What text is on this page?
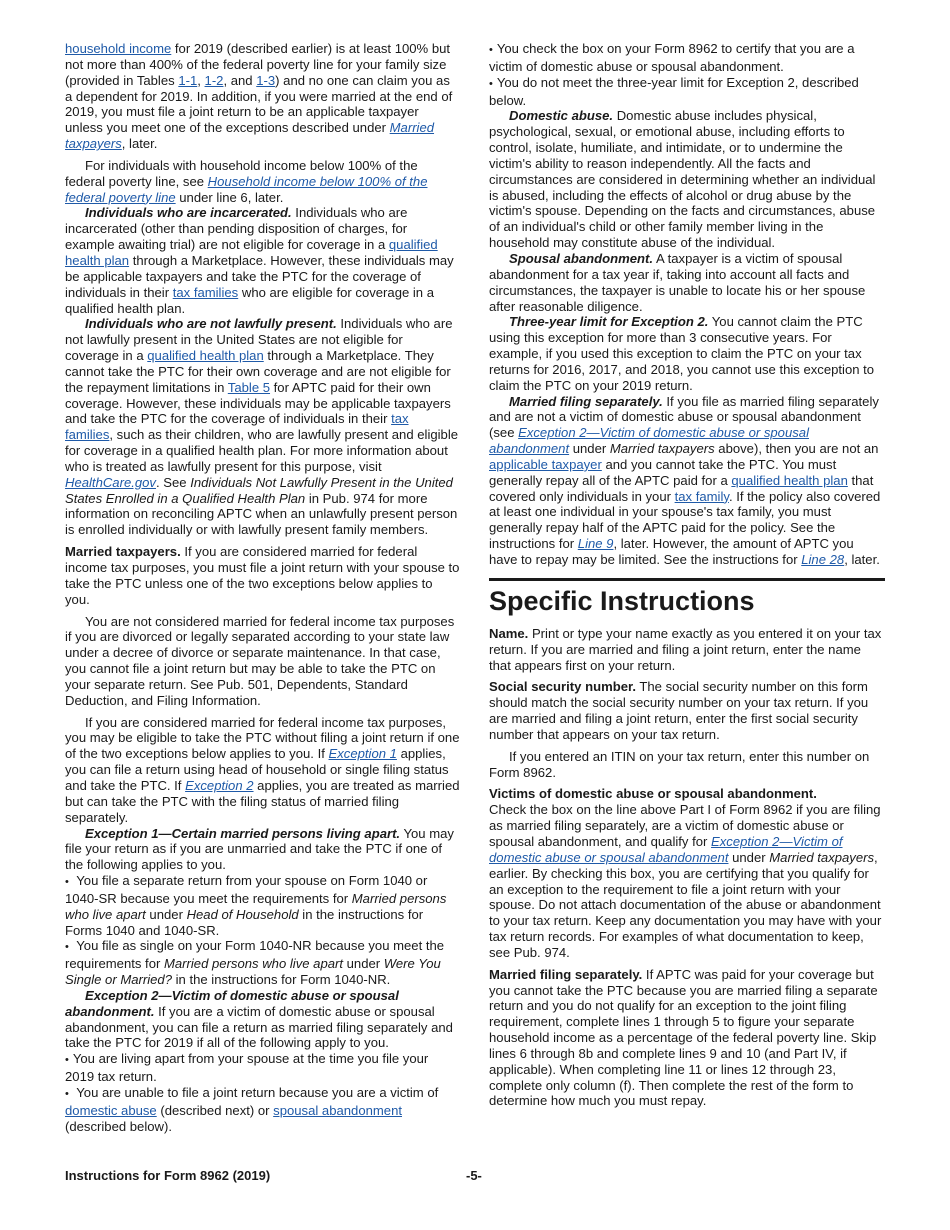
household income for 2019 (described earlier) is at least 100% but not more than 400% of the federal poverty line for your family size (provided in Tables 1-1, 1-2, and 1-3) and no one can claim you as a dependent for 2019. In addition, if you were married at the end of 2019, you must file a joint return to be an applicable taxpayer unless you meet one of the exceptions described under Married taxpayers, later.

For individuals with household income below 100% of the federal poverty line, see Household income below 100% of the federal poverty line under line 6, later.

Individuals who are incarcerated. Individuals who are incarcerated (other than pending disposition of charges, for example awaiting trial) are not eligible for coverage in a qualified health plan through a Marketplace. However, these individuals may be applicable taxpayers and take the PTC for the coverage of individuals in their tax families who are eligible for coverage in a qualified health plan.

Individuals who are not lawfully present. Individuals who are not lawfully present in the United States are not eligible for coverage in a qualified health plan through a Marketplace. They cannot take the PTC for their own coverage and are not eligible for the repayment limitations in Table 5 for APTC paid for their own coverage. However, these individuals may be applicable taxpayers and take the PTC for the coverage of individuals in their tax families, such as their children, who are lawfully present and eligible for coverage in a qualified health plan. For more information about who is treated as lawfully present for this purpose, visit HealthCare.gov. See Individuals Not Lawfully Present in the United States Enrolled in a Qualified Health Plan in Pub. 974 for more information on reconciling APTC when an unlawfully present person is enrolled individually or with lawfully present family members.

Married taxpayers. If you are considered married for federal income tax purposes, you must file a joint return with your spouse to take the PTC unless one of the two exceptions below applies to you.

You are not considered married for federal income tax purposes if you are divorced or legally separated according to your state law under a decree of divorce or separate maintenance. In that case, you cannot file a joint return but may be able to take the PTC on your separate return. See Pub. 501, Dependents, Standard Deduction, and Filing Information.

If you are considered married for federal income tax purposes, you may be eligible to take the PTC without filing a joint return if one of the two exceptions below applies to you. If Exception 1 applies, you can file a return using head of household or single filing status and take the PTC. If Exception 2 applies, you are treated as married but can take the PTC with the filing status of married filing separately.

Exception 1—Certain married persons living apart. You may file your return as if you are unmarried and take the PTC if one of the following applies to you.

• You file a separate return from your spouse on Form 1040 or 1040-SR because you meet the requirements for Married persons who live apart under Head of Household in the instructions for Forms 1040 and 1040-SR.

• You file as single on your Form 1040-NR because you meet the requirements for Married persons who live apart under Were You Single or Married? in the instructions for Form 1040-NR.

Exception 2—Victim of domestic abuse or spousal abandonment. If you are a victim of domestic abuse or spousal abandonment, you can file a return as married filing separately and take the PTC for 2019 if all of the following apply to you.

• You are living apart from your spouse at the time you file your 2019 tax return.

• You are unable to file a joint return because you are a victim of domestic abuse (described next) or spousal abandonment (described below).

• You check the box on your Form 8962 to certify that you are a victim of domestic abuse or spousal abandonment.

• You do not meet the three-year limit for Exception 2, described below.

Domestic abuse. Domestic abuse includes physical, psychological, sexual, or emotional abuse, including efforts to control, isolate, humiliate, and intimidate, or to undermine the victim's ability to reason independently. All the facts and circumstances are considered in determining whether an individual is abused, including the effects of alcohol or drug abuse by the victim's spouse. Depending on the facts and circumstances, abuse of an individual's child or other family member living in the household may constitute abuse of the individual.

Spousal abandonment. A taxpayer is a victim of spousal abandonment for a tax year if, taking into account all facts and circumstances, the taxpayer is unable to locate his or her spouse after reasonable diligence.

Three-year limit for Exception 2. You cannot claim the PTC using this exception for more than 3 consecutive years. For example, if you used this exception to claim the PTC on your tax returns for 2016, 2017, and 2018, you cannot use this exception to claim the PTC on your 2019 return.

Married filing separately. If you file as married filing separately and are not a victim of domestic abuse or spousal abandonment (see Exception 2—Victim of domestic abuse or spousal abandonment under Married taxpayers above), then you are not an applicable taxpayer and you cannot take the PTC. You must generally repay all of the APTC paid for a qualified health plan that covered only individuals in your tax family. If the policy also covered at least one individual in your spouse's tax family, you must generally repay half of the APTC paid for the policy. See the instructions for Line 9, later. However, the amount of APTC you have to repay may be limited. See the instructions for Line 28, later.

Specific Instructions

Name. Print or type your name exactly as you entered it on your tax return. If you are married and filing a joint return, enter the name that appears first on your return.

Social security number. The social security number on this form should match the social security number on your tax return. If you are married and filing a joint return, enter the first social security number that appears on your tax return.

If you entered an ITIN on your tax return, enter this number on Form 8962.

Victims of domestic abuse or spousal abandonment.
Check the box on the line above Part I of Form 8962 if you are filing as married filing separately, are a victim of domestic abuse or spousal abandonment, and qualify for Exception 2—Victim of domestic abuse or spousal abandonment under Married taxpayers, earlier. By checking this box, you are certifying that you qualify for an exception to the requirement to file a joint return with your spouse. Do not attach documentation of the abuse or abandonment to your tax return. Keep any documentation you may have with your tax return records. For examples of what documentation to keep, see Pub. 974.

Married filing separately. If APTC was paid for your coverage but you cannot take the PTC because you are married filing a separate return and you do not qualify for an exception to the joint filing requirement, complete lines 1 through 5 to figure your separate household income as a percentage of the federal poverty line. Skip lines 6 through 8b and complete lines 9 and 10 (and Part IV, if applicable). When completing line 11 or lines 12 through 23, complete only column (f). Then complete the rest of the form to determine how much you must repay.

Instructions for Form 8962 (2019)	-5-
